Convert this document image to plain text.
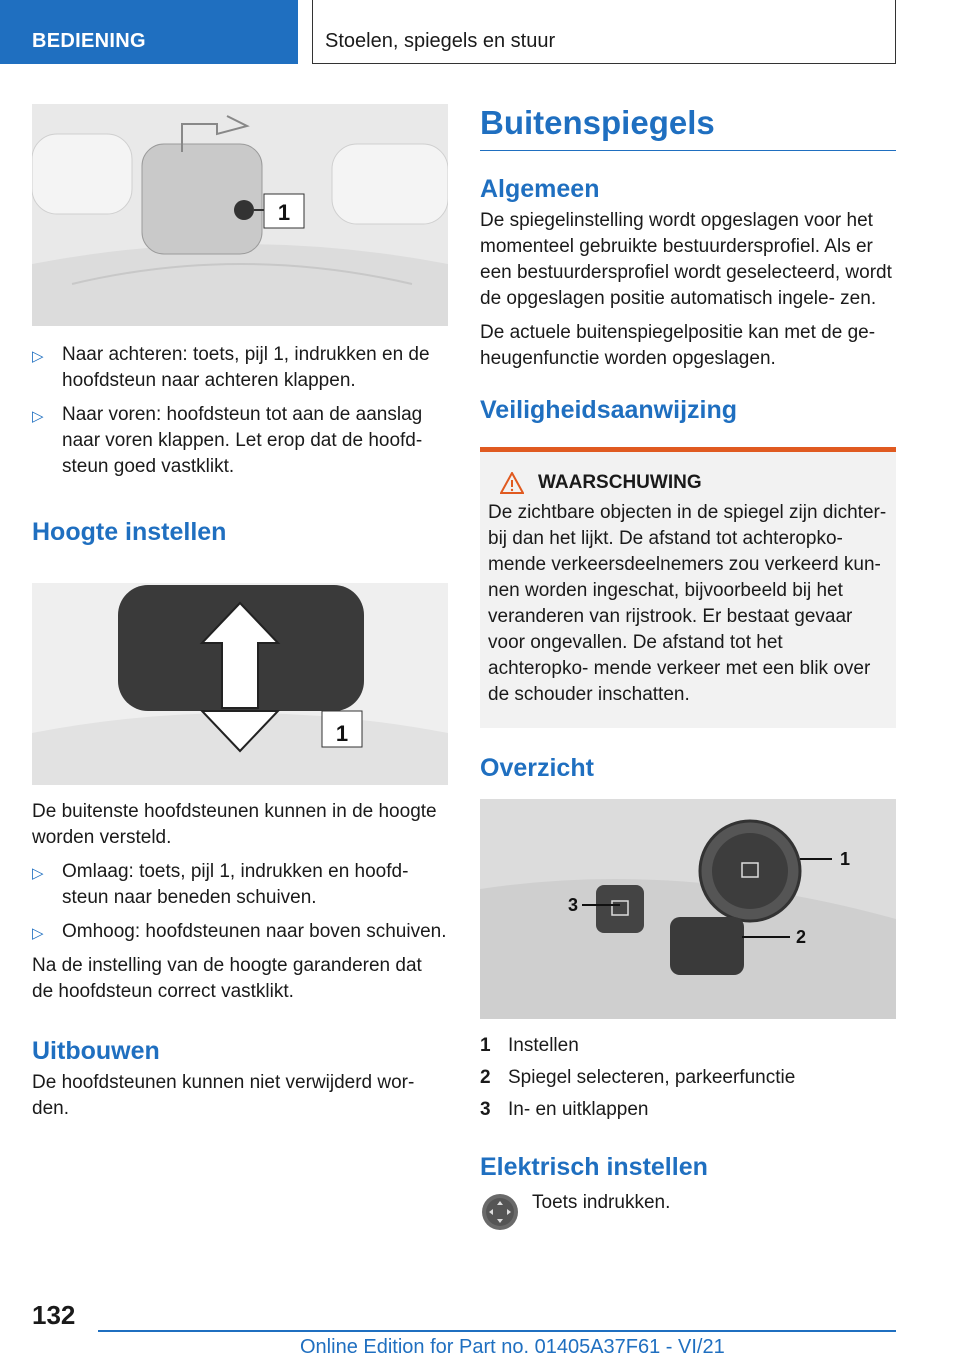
BEDIENING	Stoelen, spiegels en stuur
1
▷ Naar achteren: toets, pijl 1, indrukken en de hoofdsteun naar achteren klappen.
▷ Naar voren: hoofdsteun tot aan de aanslag naar voren klappen. Let erop dat de hoofd- steun goed vastklikt.
Hoogte instellen
1

De buitenste hoofdsteunen kunnen in de hoogte worden versteld.

▷ Omlaag: toets, pijl 1, indrukken en hoofd- steun naar beneden schuiven.
▷ Omhoog: hoofdsteunen naar boven schuiven.

Na de instelling van de hoogte garanderen dat de hoofdsteun correct vastklikt.

Uitbouwen

De hoofdsteunen kunnen niet verwijderd wor- den.

Buitenspiegels
Algemeen

De spiegelinstelling wordt opgeslagen voor het momenteel gebruikte bestuurdersprofiel. Als er een bestuurdersprofiel wordt geselecteerd, wordt de opgeslagen positie automatisch ingele- zen.

De actuele buitenspiegelpositie kan met de ge- heugenfunctie worden opgeslagen.

Veiligheidsaanwijzing
WAARSCHUWING

De zichtbare objecten in de spiegel zijn dichter- bij dan het lijkt. De afstand tot achteropko- mende verkeersdeelnemers zou verkeerd kun- nen worden ingeschat, bijvoorbeeld bij het veranderen van rijstrook. Er bestaat gevaar voor ongevallen. De afstand tot het achteropko- mende verkeer met een blik over de schouder inschatten.

Overzicht
1
2
3
1 Instellen
2 Spiegel selecteren, parkeerfunctie
3 In- en uitklappen
Elektrisch instellen
Toets indrukken.
132
Online Edition for Part no. 01405A37F61 - VI/21
